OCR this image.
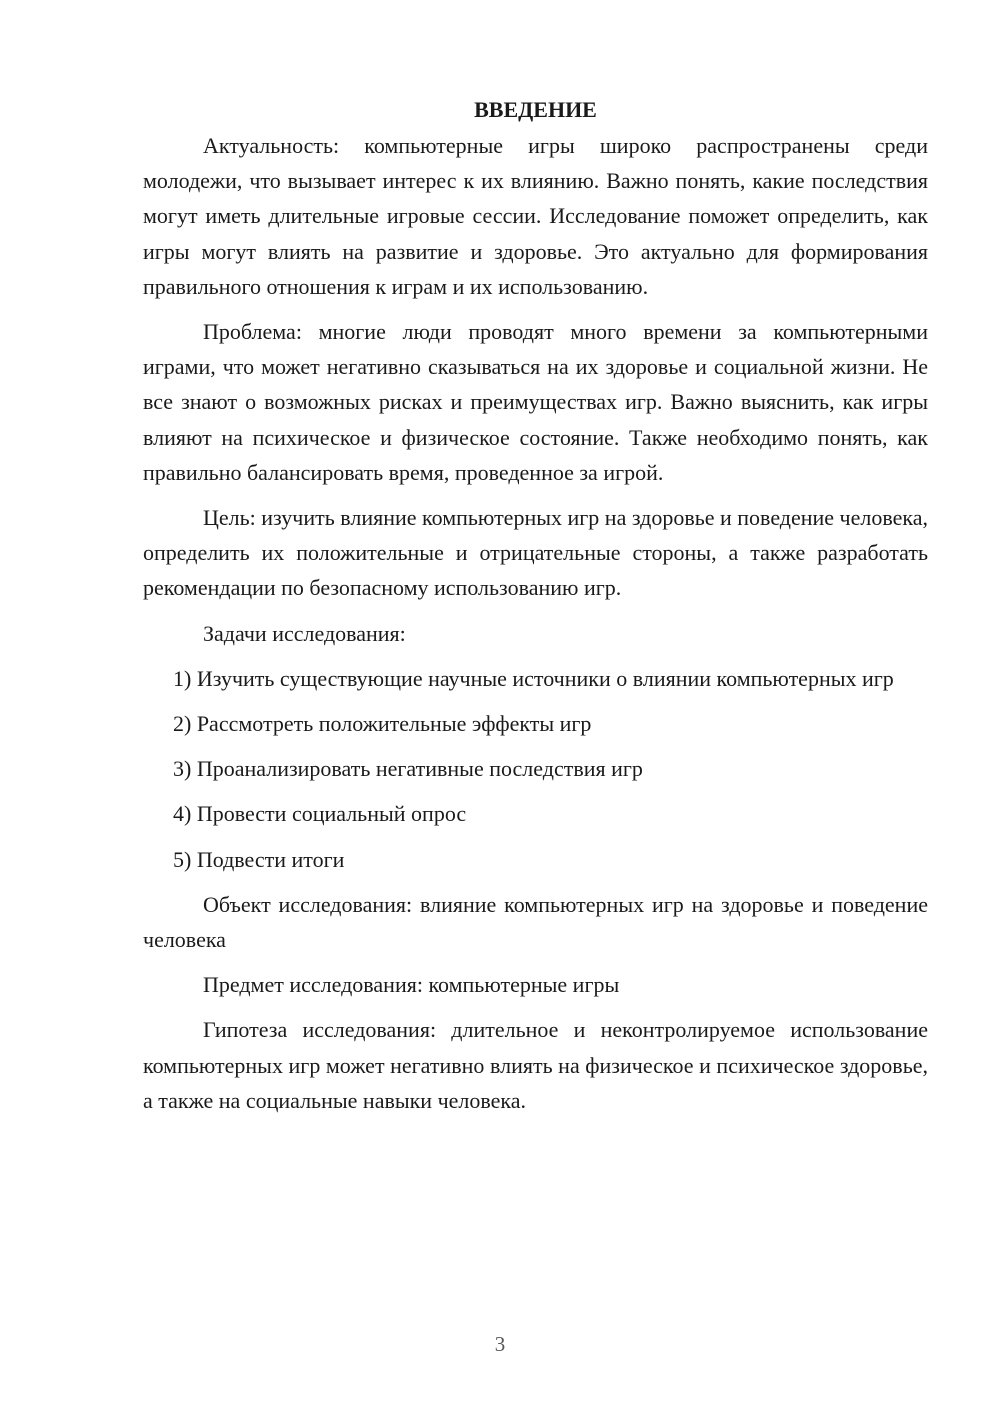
ВВЕДЕНИЕ

Актуальность: компьютерные игры широко распространены среди молодежи, что вызывает интерес к их влиянию. Важно понять, какие последствия могут иметь длительные игровые сессии. Исследование поможет определить, как игры могут влиять на развитие и здоровье. Это актуально для формирования правильного отношения к играм и их использованию.

Проблема: многие люди проводят много времени за компьютерными играми, что может негативно сказываться на их здоровье и социальной жизни. Не все знают о возможных рисках и преимуществах игр. Важно выяснить, как игры влияют на психическое и физическое состояние. Также необходимо понять, как правильно балансировать время, проведенное за игрой.

Цель: изучить влияние компьютерных игр на здоровье и поведение человека, определить их положительные и отрицательные стороны, а также разработать рекомендации по безопасному использованию игр.

Задачи исследования:

1) Изучить существующие научные источники о влиянии компьютерных игр

2) Рассмотреть положительные эффекты игр

3) Проанализировать негативные последствия игр

4) Провести социальный опрос

5) Подвести итоги

Объект исследования: влияние компьютерных игр на здоровье и поведение человека

Предмет исследования: компьютерные игры

Гипотеза исследования: длительное и неконтролируемое использование компьютерных игр может негативно влиять на физическое и психическое здоровье, а также на социальные навыки человека.

3
